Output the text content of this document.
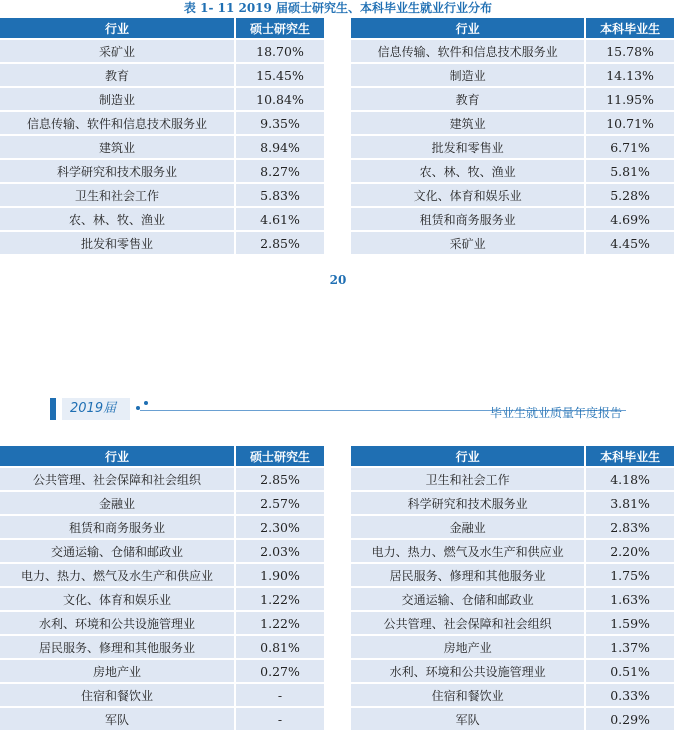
表 1- 11 2019 届硕士研究生、本科毕业生就业行业分布
行业	硕士研究生
采矿业	18.70%
教育	15.45%
制造业	10.84%
信息传输、软件和信息技术服务业	9.35%
建筑业	8.94%
科学研究和技术服务业	8.27%
卫生和社会工作	5.83%
农、林、牧、渔业	4.61%
批发和零售业	2.85%
行业	本科毕业生
信息传输、软件和信息技术服务业	15.78%
制造业	14.13%
教育	11.95%
建筑业	10.71%
批发和零售业	6.71%
农、林、牧、渔业	5.81%
文化、体育和娱乐业	5.28%
租赁和商务服务业	4.69%
采矿业	4.45%
20
2019届	毕业生就业质量年度报告
行业	硕士研究生
公共管理、社会保障和社会组织	2.85%
金融业	2.57%
租赁和商务服务业	2.30%
交通运输、仓储和邮政业	2.03%
电力、热力、燃气及水生产和供应业	1.90%
文化、体育和娱乐业	1.22%
水利、环境和公共设施管理业	1.22%
居民服务、修理和其他服务业	0.81%
房地产业	0.27%
住宿和餐饮业	-
军队	-
行业	本科毕业生
卫生和社会工作	4.18%
科学研究和技术服务业	3.81%
金融业	2.83%
电力、热力、燃气及水生产和供应业	2.20%
居民服务、修理和其他服务业	1.75%
交通运输、仓储和邮政业	1.63%
公共管理、社会保障和社会组织	1.59%
房地产业	1.37%
水利、环境和公共设施管理业	0.51%
住宿和餐饮业	0.33%
军队	0.29%
